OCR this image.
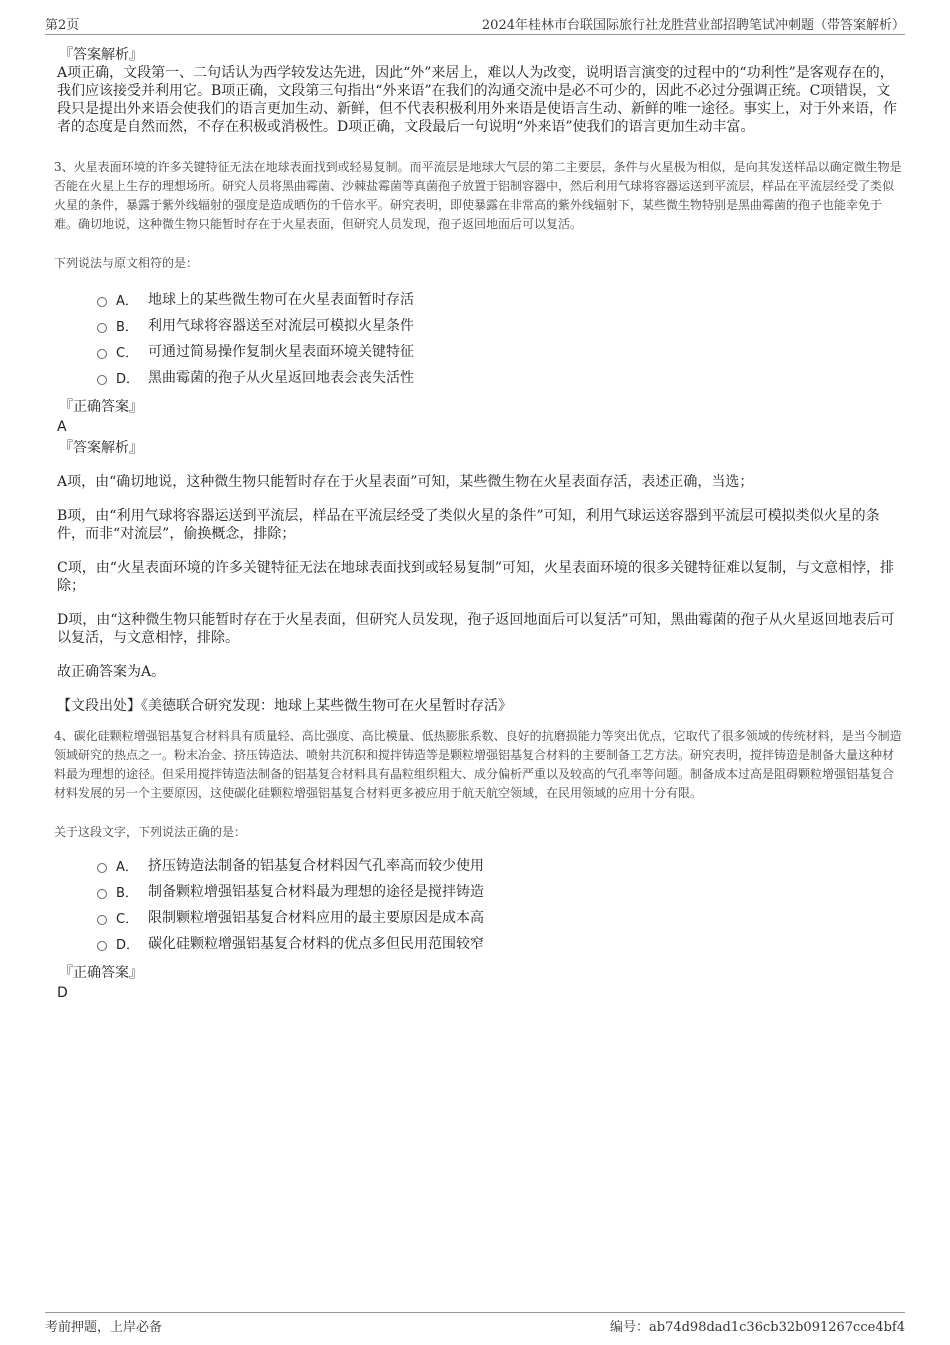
第2页	2024年桂林市台联国际旅行社龙胜营业部招聘笔试冲刺题（带答案解析）
『答案解析』

A项正确，文段第一、二句话认为西学较发达先进，因此“外”来居上，难以人为改变，说明语言演变的过程中的“功利性”是客观存在的，我们应该接受并利用它。B项正确，文段第三句指出“外来语”在我们的沟通交流中是必不可少的，因此不必过分强调正统。C项错误，文段只是提出外来语会使我们的语言更加生动、新鲜，但不代表积极利用外来语是使语言生动、新鲜的唯一途径。事实上，对于外来语，作者的态度是自然而然，不存在积极或消极性。D项正确，文段最后一句说明“外来语”使我们的语言更加生动丰富。

3、火星表面环境的许多关键特征无法在地球表面找到或轻易复制。而平流层是地球大气层的第二主要层，条件与火星极为相似，是向其发送样品以确定微生物是否能在火星上生存的理想场所。研究人员将黑曲霉菌、沙棘盐霉菌等真菌孢子放置于铝制容器中，然后利用气球将容器运送到平流层，样品在平流层经受了类似火星的条件，暴露于紫外线辐射的强度是造成晒伤的千倍水平。研究表明，即使暴露在非常高的紫外线辐射下，某些微生物特别是黑曲霉菌的孢子也能幸免于难。确切地说，这种微生物只能暂时存在于火星表面，但研究人员发现，孢子返回地面后可以复活。

下列说法与原文相符的是：
A． 地球上的某些微生物可在火星表面暂时存活
B． 利用气球将容器送至对流层可模拟火星条件
C． 可通过简易操作复制火星表面环境关键特征
D． 黑曲霉菌的孢子从火星返回地表会丧失活性
『正确答案』
A
『答案解析』

A项，由“确切地说，这种微生物只能暂时存在于火星表面”可知，某些微生物在火星表面存活，表述正确，当选；

B项，由“利用气球将容器运送到平流层，样品在平流层经受了类似火星的条件”可知，利用气球运送容器到平流层可模拟类似火星的条件，而非“对流层”，偷换概念，排除；

C项，由“火星表面环境的许多关键特征无法在地球表面找到或轻易复制”可知，火星表面环境的很多关键特征难以复制，与文意相悖，排除；

D项，由“这种微生物只能暂时存在于火星表面，但研究人员发现，孢子返回地面后可以复活”可知，黑曲霉菌的孢子从火星返回地表后可以复活，与文意相悖，排除。

故正确答案为A。

【文段出处】《美德联合研究发现：地球上某些微生物可在火星暂时存活》

4、碳化硅颗粒增强铝基复合材料具有质量轻、高比强度、高比模量、低热膨胀系数、良好的抗磨损能力等突出优点，它取代了很多领域的传统材料，是当今制造领域研究的热点之一。粉末冶金、挤压铸造法、喷射共沉积和搅拌铸造等是颗粒增强铝基复合材料的主要制备工艺方法。研究表明，搅拌铸造是制备大量这种材料最为理想的途径。但采用搅拌铸造法制备的铝基复合材料具有晶粒组织粗大、成分偏析严重以及较高的气孔率等问题。制备成本过高是阻碍颗粒增强铝基复合材料发展的另一个主要原因，这使碳化硅颗粒增强铝基复合材料更多被应用于航天航空领域，在民用领域的应用十分有限。

关于这段文字，下列说法正确的是：
A． 挤压铸造法制备的铝基复合材料因气孔率高而较少使用
B． 制备颗粒增强铝基复合材料最为理想的途径是搅拌铸造
C． 限制颗粒增强铝基复合材料应用的最主要原因是成本高
D． 碳化硅颗粒增强铝基复合材料的优点多但民用范围较窄
『正确答案』
D
考前押题，上岸必备	编号：ab74d98dad1c36cb32b091267cce4bf4
